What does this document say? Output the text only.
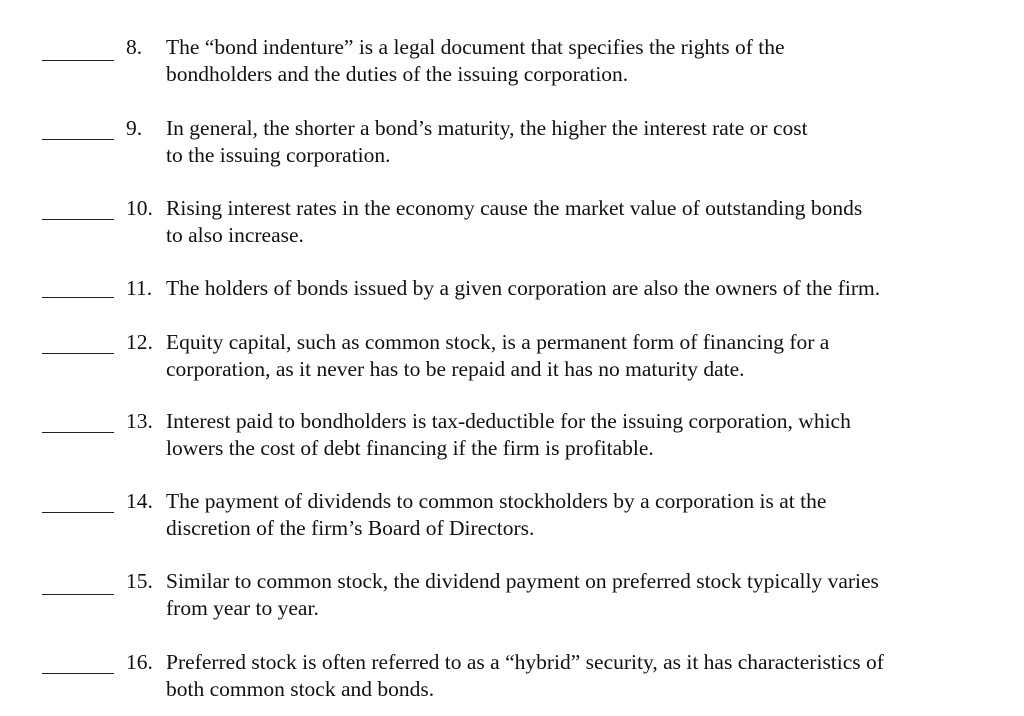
8. The “bond indenture” is a legal document that specifies the rights of the
bondholders and the duties of the issuing corporation.
9. In general, the shorter a bond’s maturity, the higher the interest rate or cost
to the issuing corporation.
10. Rising interest rates in the economy cause the market value of outstanding bonds
to also increase.
11. The holders of bonds issued by a given corporation are also the owners of the firm.
12. Equity capital, such as common stock, is a permanent form of financing for a
corporation, as it never has to be repaid and it has no maturity date.
13. Interest paid to bondholders is tax-deductible for the issuing corporation, which
lowers the cost of debt financing if the firm is profitable.
14. The payment of dividends to common stockholders by a corporation is at the
discretion of the firm’s Board of Directors.
15. Similar to common stock, the dividend payment on preferred stock typically varies
from year to year.
16. Preferred stock is often referred to as a “hybrid” security, as it has characteristics of
both common stock and bonds.
